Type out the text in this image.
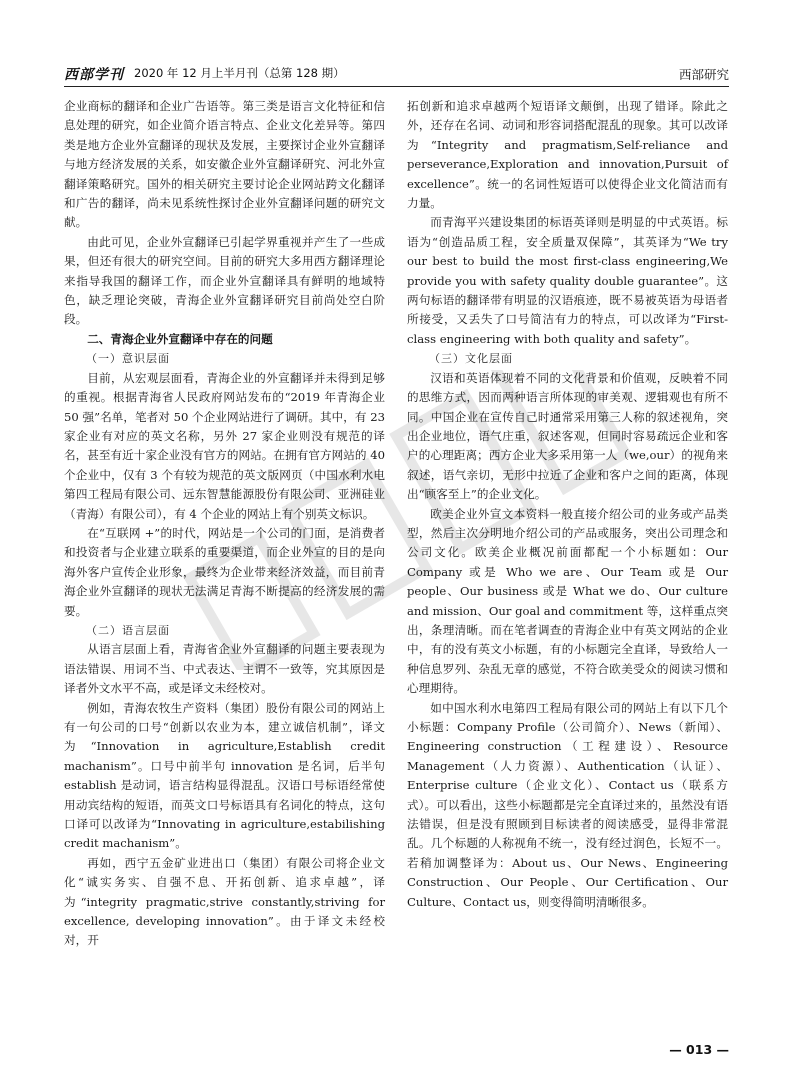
西部学刊 2020 年 12 月上半月刊（总第 128 期）	西部研究

企业商标的翻译和企业广告语等。第三类是语言文化特征和信息处理的研究，如企业简介语言特点、企业文化差异等。第四类是地方企业外宣翻译的现状及发展，主要探讨企业外宣翻译与地方经济发展的关系，如安徽企业外宣翻译研究、河北外宣翻译策略研究。国外的相关研究主要讨论企业网站跨文化翻译和广告的翻译，尚未见系统性探讨企业外宣翻译问题的研究文献。

由此可见，企业外宣翻译已引起学界重视并产生了一些成果，但还有很大的研究空间。目前的研究大多用西方翻译理论来指导我国的翻译工作，而企业外宣翻译具有鲜明的地域特色，缺乏理论突破，青海企业外宣翻译研究目前尚处空白阶段。

二、青海企业外宣翻译中存在的问题
（一）意识层面

目前，从宏观层面看，青海企业的外宣翻译并未得到足够的重视。根据青海省人民政府网站发布的“2019 年青海企业 50 强”名单，笔者对 50 个企业网站进行了调研。其中，有 23 家企业有对应的英文名称，另外 27 家企业则没有规范的译名，甚至有近十家企业没有官方的网站。在拥有官方网站的 40 个企业中，仅有 3 个有较为规范的英文版网页（中国水利水电第四工程局有限公司、远东智慧能源股份有限公司、亚洲硅业（青海）有限公司），有 4 个企业的网站上有个别英文标识。

在“互联网 +”的时代，网站是一个公司的门面，是消费者和投资者与企业建立联系的重要渠道，而企业外宣的目的是向海外客户宣传企业形象，最终为企业带来经济效益，而目前青海企业外宣翻译的现状无法满足青海不断提高的经济发展的需要。

（二）语言层面

从语言层面上看，青海省企业外宣翻译的问题主要表现为语法错误、用词不当、中式表达、主谓不一致等，究其原因是译者外文水平不高，或是译文未经校对。

例如，青海农牧生产资料（集团）股份有限公司的网站上有一句公司的口号“创新以农业为本，建立诚信机制”，译文为“Innovation in agriculture,Establish credit machanism”。口号中前半句 innovation 是名词，后半句 establish 是动词，语言结构显得混乱。汉语口号标语经常使用动宾结构的短语，而英文口号标语具有名词化的特点，这句口译可以改译为“Innovating in agriculture,estabilishing credit machanism”。

再如，西宁五金矿业进出口（集团）有限公司将企业文化“诚实务实、自强不息、开拓创新、追求卓越”，译为“integrity pragmatic,strive constantly,striving for excellence, developing innovation”。由于译文未经校对，开

拓创新和追求卓越两个短语译文颠倒，出现了错译。除此之外，还存在名词、动词和形容词搭配混乱的现象。其可以改译为“Integrity and pragmatism,Self-reliance and perseverance,Exploration and innovation,Pursuit of excellence”。统一的名词性短语可以使得企业文化简洁而有力量。

而青海平兴建设集团的标语英译则是明显的中式英语。标语为“创造品质工程，安全质量双保障”，其英译为“We try our best to build the most first-class engineering,We provide you with safety quality double guarantee”。这两句标语的翻译带有明显的汉语痕迹，既不易被英语为母语者所接受，又丢失了口号简洁有力的特点，可以改译为“First-class engineering with both quality and safety”。

（三）文化层面

汉语和英语体现着不同的文化背景和价值观，反映着不同的思维方式，因而两种语言所体现的审美观、逻辑观也有所不同。中国企业在宣传自己时通常采用第三人称的叙述视角，突出企业地位，语气庄重，叙述客观，但同时容易疏远企业和客户的心理距离；西方企业大多采用第一人（we,our）的视角来叙述，语气亲切，无形中拉近了企业和客户之间的距离，体现出“顾客至上”的企业文化。

欧美企业外宣文本资料一般直接介绍公司的业务或产品类型，然后主次分明地介绍公司的产品或服务，突出公司理念和公司文化。欧美企业概况前面都配一个小标题如：Our Company 或是 Who we are、Our Team 或是 Our people、Our business 或是 What we do、Our culture and mission、Our goal and commitment 等，这样重点突出，条理清晰。而在笔者调查的青海企业中有英文网站的企业中，有的没有英文小标题，有的小标题完全直译，导致给人一种信息罗列、杂乱无章的感觉，不符合欧美受众的阅读习惯和心理期待。

如中国水利水电第四工程局有限公司的网站上有以下几个小标题：Company Profile（公司简介）、News（新闻）、Engineering construction（工程建设）、Resource Management（人力资源）、Authentication（认证）、Enterprise culture（企业文化）、Contact us（联系方式）。可以看出，这些小标题都是完全直译过来的，虽然没有语法错误，但是没有照顾到目标读者的阅读感受，显得非常混乱。几个标题的人称视角不统一，没有经过润色，长短不一。若稍加调整译为：About us、Our News、Engineering Construction、Our People、Our Certification、Our Culture、Contact us，则变得简明清晰很多。

— 013 —
